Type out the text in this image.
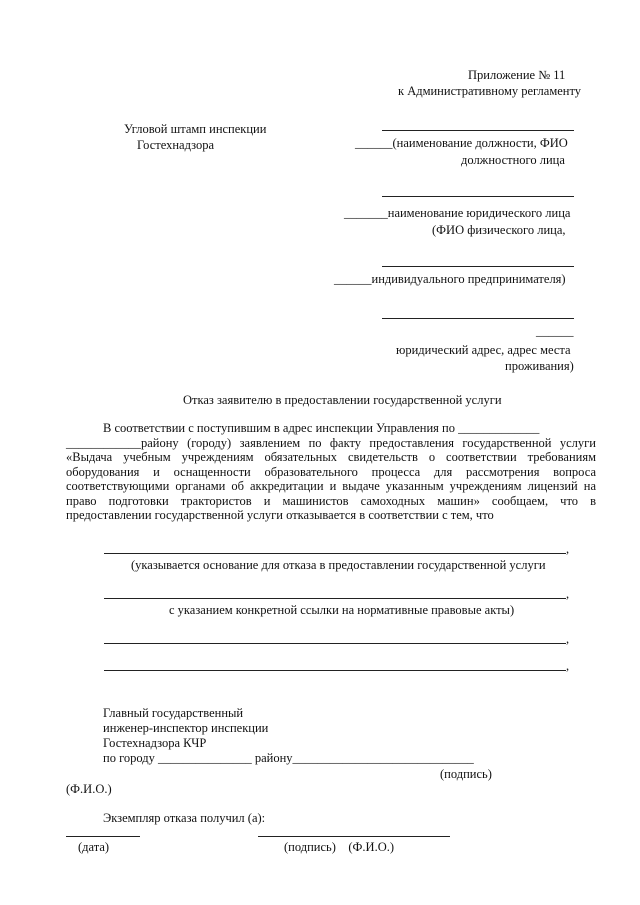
Приложение № 11
к Административному регламенту
Угловой штамп инспекции
Гостехнадзора	______(наименование должности, ФИО
должностного лица
_______наименование юридического лица
(ФИО физического лица,
______индивидуального предпринимателя)
______
юридический адрес, адрес места
проживания)
Отказ заявителю в предоставлении государственной услуги
В соответствии с поступившим в адрес инспекции Управления по _____________
____________району (городу) заявлением по факту предоставления государственной услуги
«Выдача учебным учреждениям обязательных свидетельств о соответствии требованиям
оборудования и оснащенности образовательного процесса для рассмотрения вопроса
соответствующими органами об аккредитации и выдаче указанным учреждениям лицензий на
право подготовки трактористов и машинистов самоходных машин» сообщаем, что в
предоставлении государственной услуги отказывается в соответствии с тем, что
,
(указывается основание для отказа в предоставлении государственной услуги
,
с указанием конкретной ссылки на нормативные правовые акты)
,
,
Главный государственный
инженер-инспектор инспекции
Гостехнадзора КЧР
по городу _______________ району_____________________________
(подпись)
(Ф.И.О.)
Экземпляр отказа получил (а):
(дата)	(подпись)    (Ф.И.О.)
